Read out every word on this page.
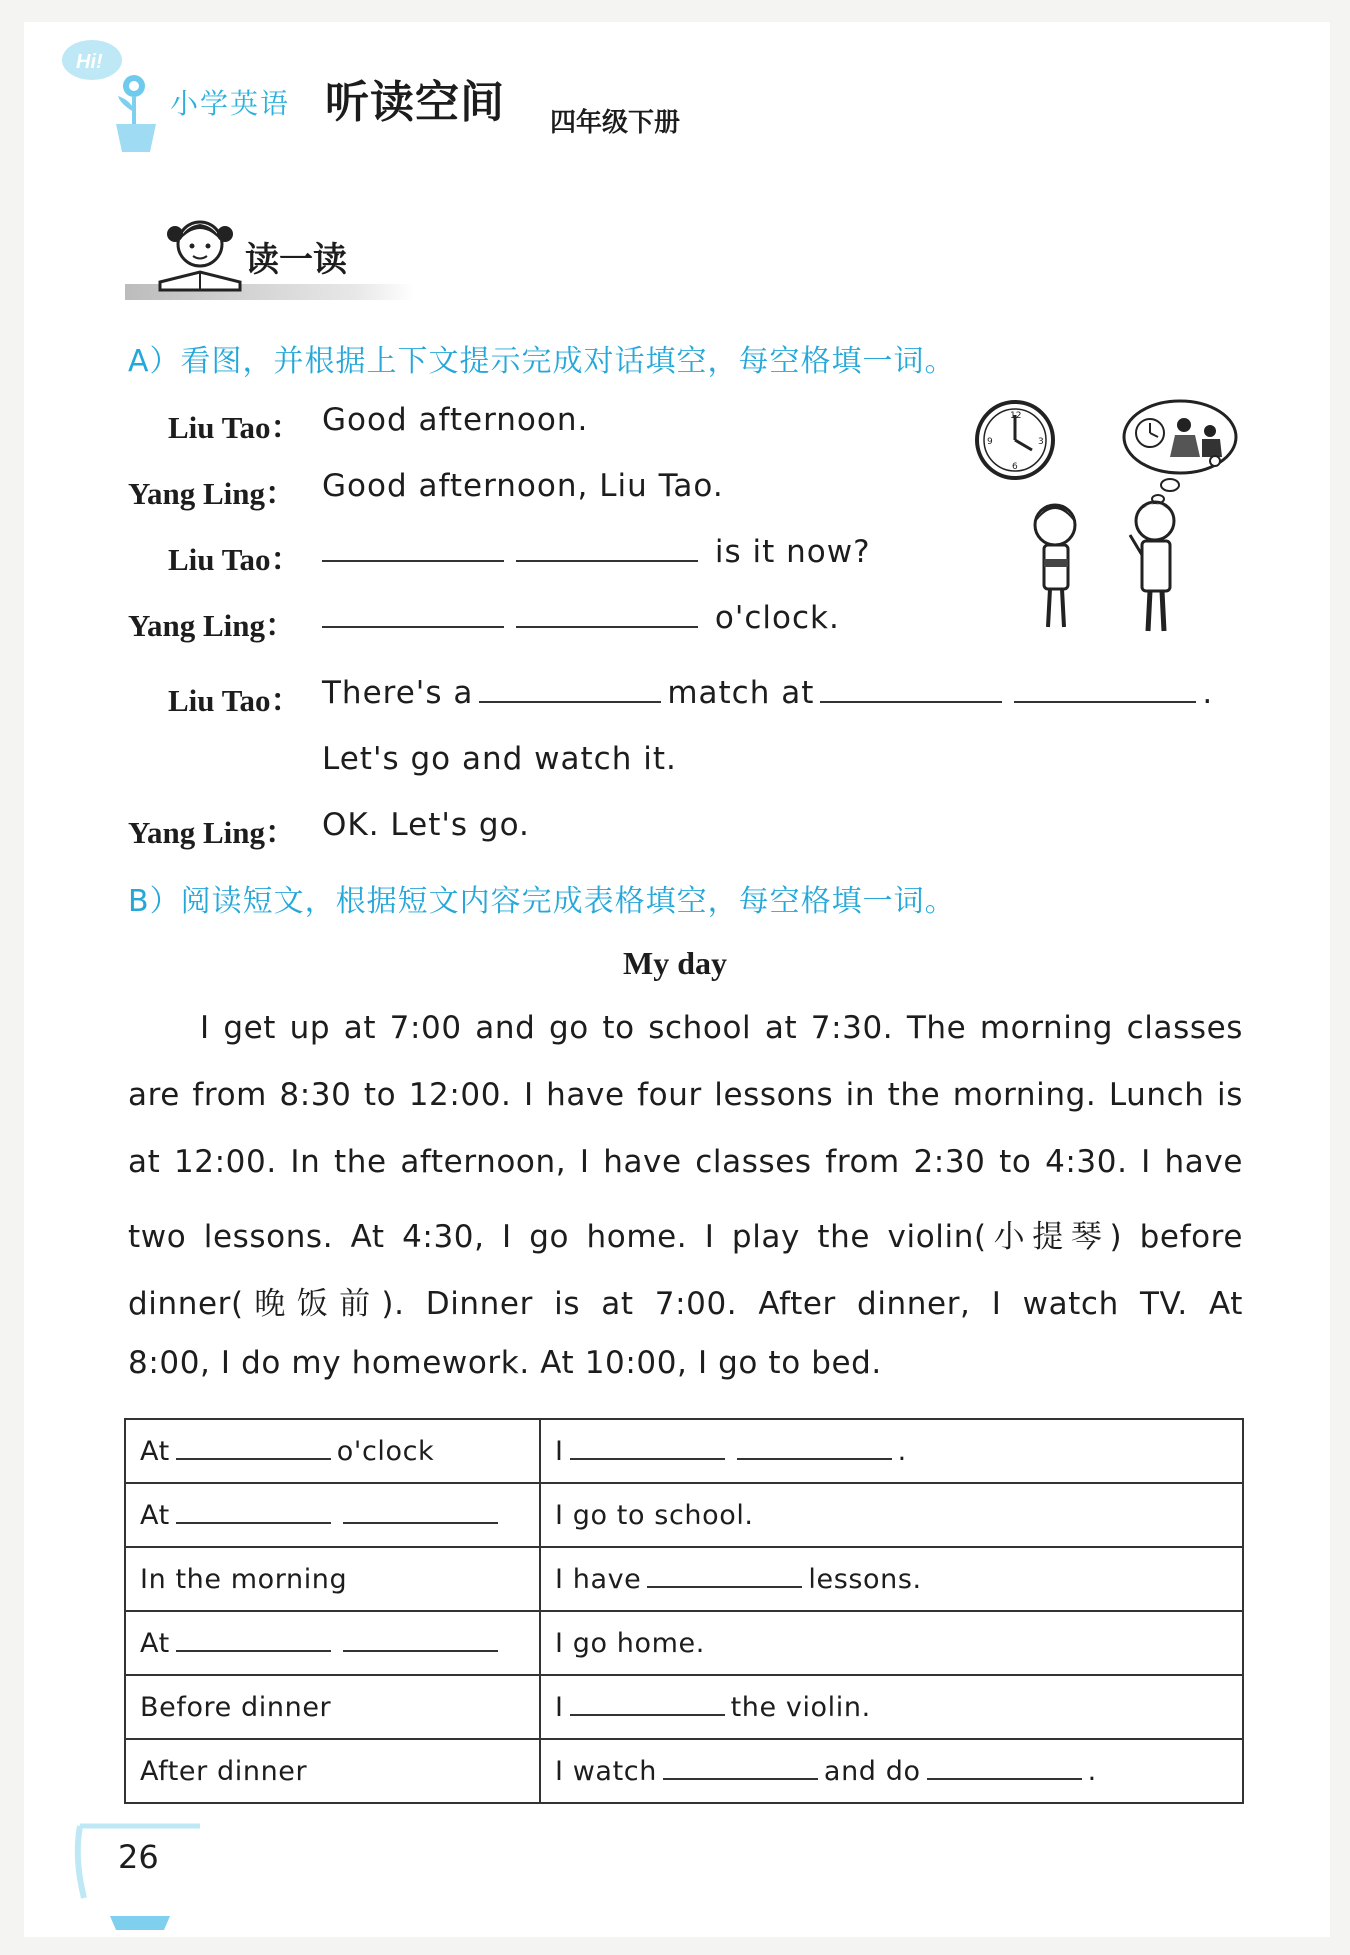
Hi!
小学英语 听读空间 四年级下册
读一读
A）看图，并根据上下文提示完成对话填空，每空格填一词。
12
3
6
9
Liu Tao： Good afternoon.
Yang Ling： Good afternoon, Liu Tao.
Liu Tao：	is it now?
Yang Ling：	o'clock.
Liu Tao： There's a	match at	.
Let's go and watch it.
Yang Ling： OK. Let's go.
B）阅读短文，根据短文内容完成表格填空，每空格填一词。
My day
I get up at 7:00 and go to school at 7:30. The morning classes
are from 8:30 to 12:00. I have four lessons in the morning. Lunch is
at 12:00. In the afternoon, I have classes from 2:30 to 4:30. I have
two lessons. At 4:30, I go home. I play the violin(小提琴) before
dinner(晚饭前). Dinner is at 7:00. After dinner, I watch TV. At
8:00, I do my homework. At 10:00, I go to bed.
At o'clock	I .
At	I go to school.
In the morning	I have lessons.
At	I go home.
Before dinner	I the violin.
After dinner	I watch and do .
26
